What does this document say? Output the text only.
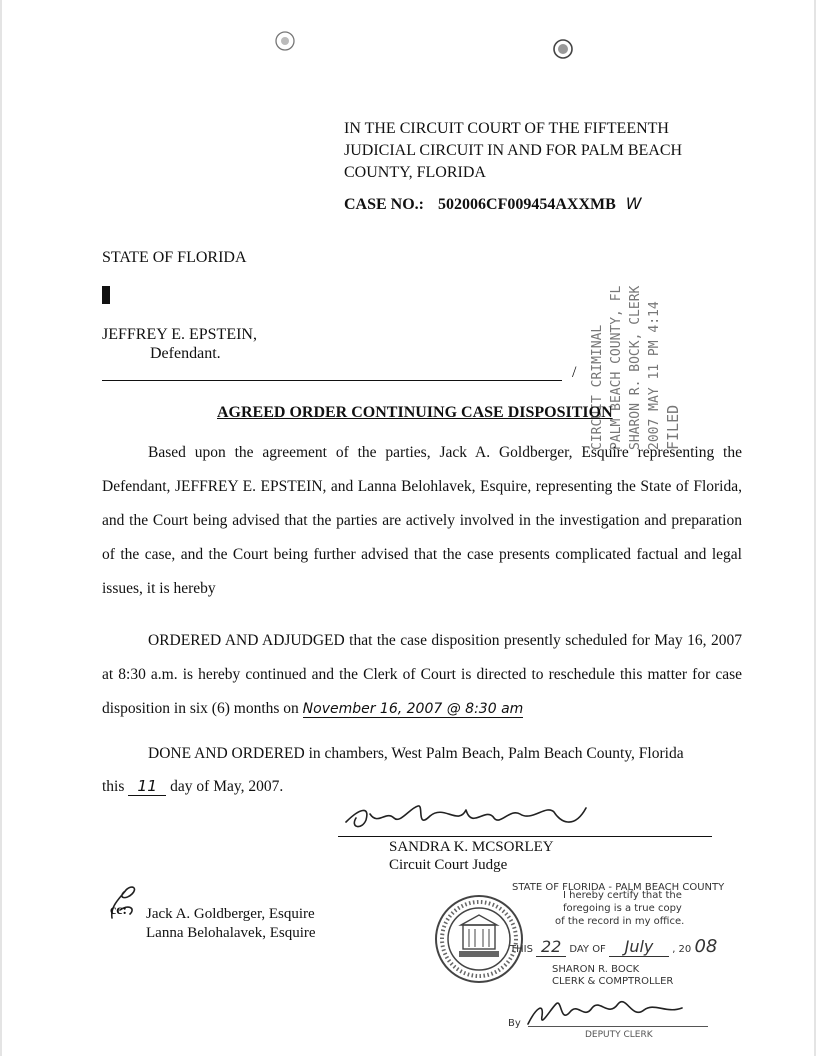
IN THE CIRCUIT COURT OF THE FIFTEENTH
JUDICIAL CIRCUIT IN AND FOR PALM BEACH
COUNTY, FLORIDA
CASE NO.: 502006CF009454AXXMB W
STATE OF FLORIDA
JEFFREY E. EPSTEIN,
Defendant.
/ CIRCUIT CRIMINAL PALM BEACH COUNTY, FL SHARON R. BOCK, CLERK 2007 MAY 11 PM 4:14 FILED
AGREED ORDER CONTINUING CASE DISPOSITION
Based upon the agreement of the parties, Jack A. Goldberger, Esquire representing the Defendant, JEFFREY E. EPSTEIN, and Lanna Belohlavek, Esquire, representing the State of Florida, and the Court being advised that the parties are actively involved in the investigation and preparation of the case, and the Court being further advised that the case presents complicated factual and legal issues, it is hereby
ORDERED AND ADJUDGED that the case disposition presently scheduled for May 16, 2007 at 8:30 a.m. is hereby continued and the Clerk of Court is directed to reschedule this matter for case disposition in six (6) months on November 16, 2007 @ 8:30 am
DONE AND ORDERED in chambers, West Palm Beach, Palm Beach County, Florida
this 11 day of May, 2007.
SANDRA K. MCSORLEY
Circuit Court Judge
cc: Jack A. Goldberger, Esquire
Lanna Belohalavek, Esquire
STATE OF FLORIDA - PALM BEACH COUNTY
I hereby certify that the
foregoing is a true copy
of the record in my office.
THIS 22 DAY OF July , 20 08
SHARON R. BOCK
CLERK & COMPTROLLER
By
DEPUTY CLERK
